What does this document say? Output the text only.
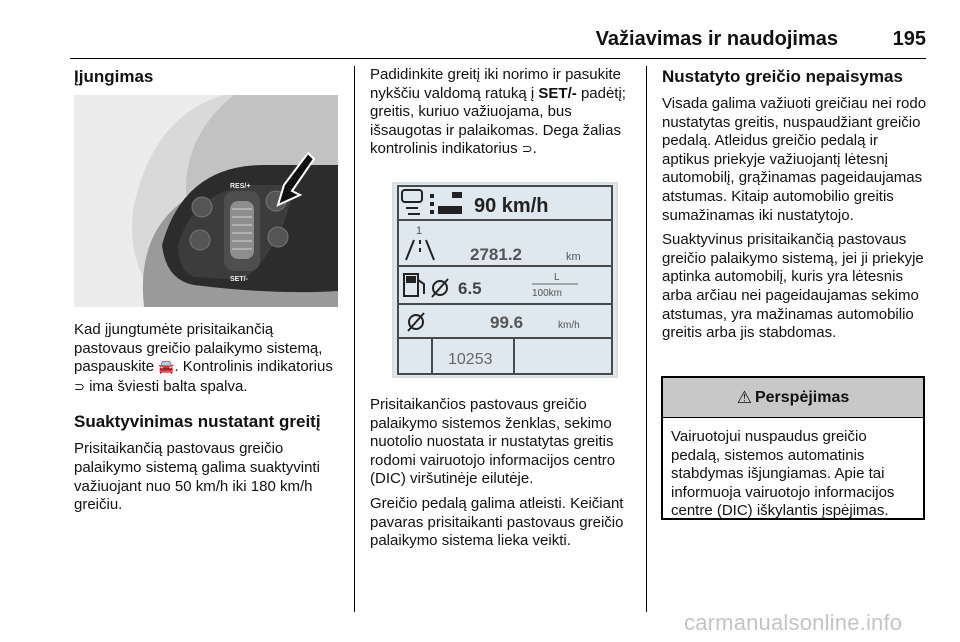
Važiavimas ir naudojimas	195
Įjungimas
RES/+
SET/-

Kad įjungtumėte prisitaikančią pastovaus greičio palaikymo sistemą, paspauskite 🚘. Kontrolinis indikatorius ⊃ ima šviesti balta spalva.

Suaktyvinimas nustatant greitį

Prisitaikančią pastovaus greičio palaikymo sistemą galima suaktyvinti važiuojant nuo 50 km/h iki 180 km/h greičiu.

Padidinkite greitį iki norimo ir pasukite nykščiu valdomą ratuką į SET/- padėtį; greitis, kuriuo važiuojama, bus išsaugotas ir palaikomas. Dega žalias kontrolinis indikatorius ⊃.

90 km/h
1
2781.2	km
6.5
L
100km
99.6	km/h
10253

Prisitaikančios pastovaus greičio palaikymo sistemos ženklas, sekimo nuotolio nuostata ir nustatytas greitis rodomi vairuotojo informacijos centro (DIC) viršutinėje eilutėje.

Greičio pedalą galima atleisti. Keičiant pavaras prisitaikanti pastovaus greičio palaikymo sistema lieka veikti.

Nustatyto greičio nepaisymas

Visada galima važiuoti greičiau nei rodo nustatytas greitis, nuspaudžiant greičio pedalą. Atleidus greičio pedalą ir aptikus priekyje važiuojantį lėtesnį automobilį, grąžinamas pageidaujamas atstumas. Kitaip automobilio greitis sumažinamas iki nustatytojo.

Suaktyvinus prisitaikančią pastovaus greičio palaikymo sistemą, jei ji priekyje aptinka automobilį, kuris yra lėtesnis arba arčiau nei pageidaujamas sekimo atstumas, yra mažinamas automobilio greitis arba jis stabdomas.

⚠ Perspėjimas
Vairuotojui nuspaudus greičio pedalą, sistemos automatinis stabdymas išjungiamas. Apie tai informuoja vairuotojo informacijos centre (DIC) iškylantis įspėjimas.
carmanualsonline.info
